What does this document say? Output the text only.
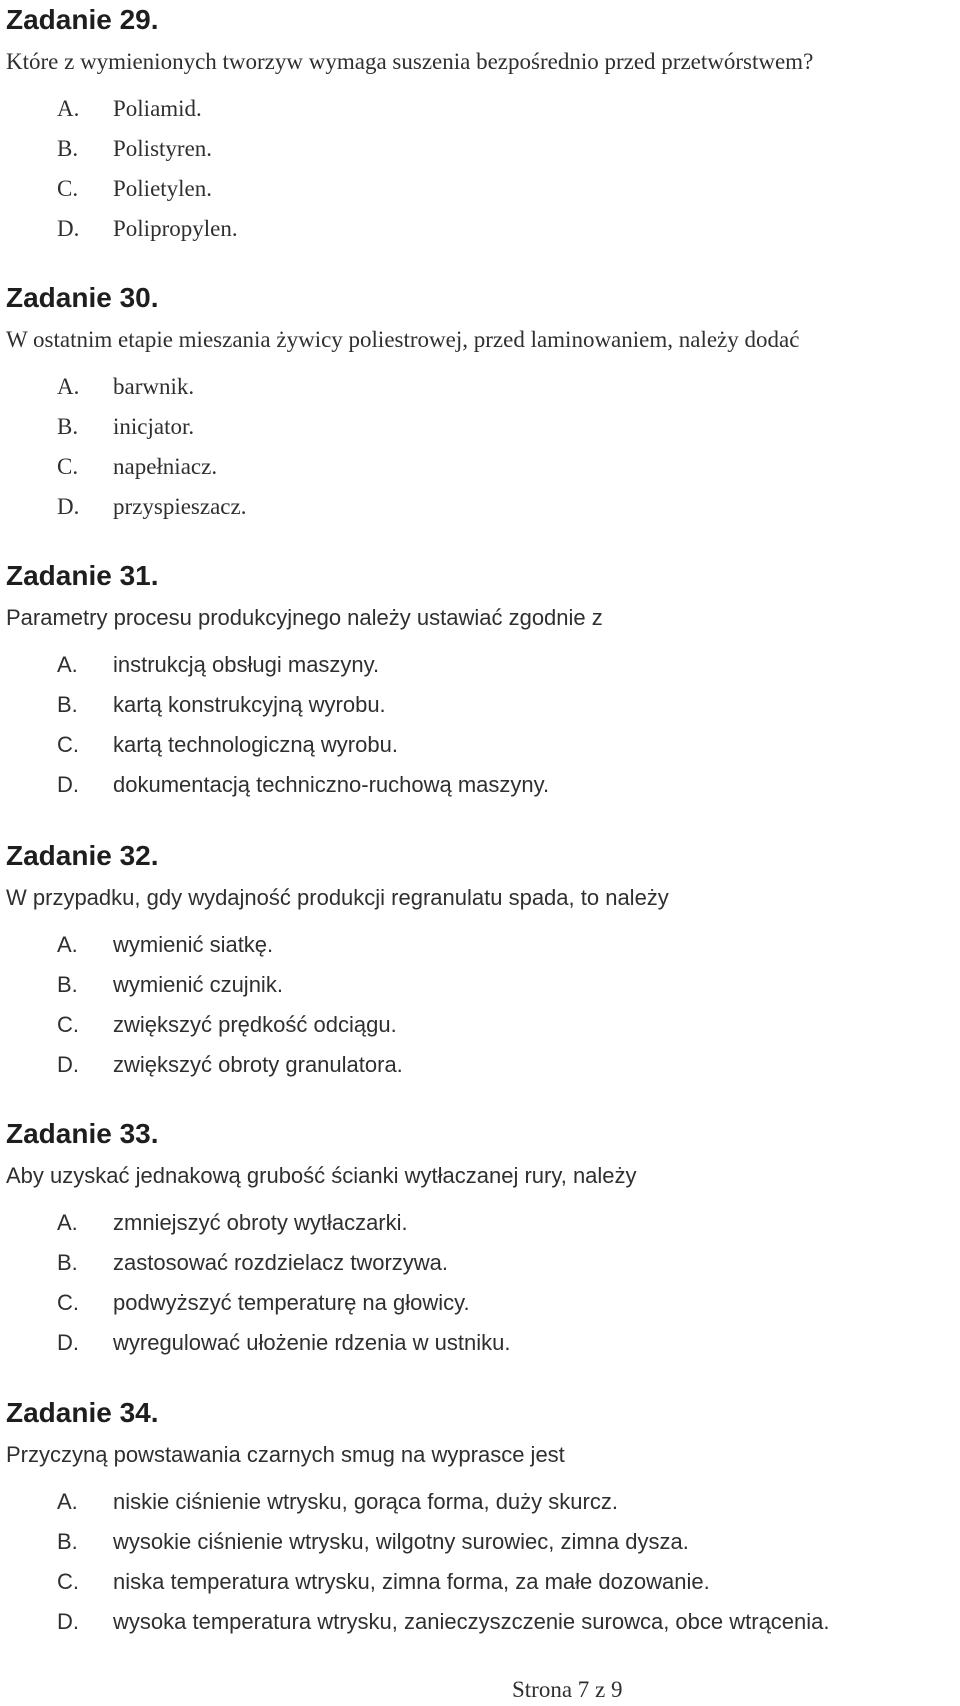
Zadanie 29.
Które z wymienionych tworzyw wymaga suszenia bezpośrednio przed przetwórstwem?
A. Poliamid.
B. Polistyren.
C. Polietylen.
D. Polipropylen.
Zadanie 30.
W ostatnim etapie mieszania żywicy poliestrowej, przed laminowaniem, należy dodać
A. barwnik.
B. inicjator.
C. napełniacz.
D. przyspieszacz.
Zadanie 31.
Parametry procesu produkcyjnego należy ustawiać zgodnie z
A. instrukcją obsługi maszyny.
B. kartą konstrukcyjną wyrobu.
C. kartą technologiczną wyrobu.
D. dokumentacją techniczno-ruchową maszyny.
Zadanie 32.
W przypadku, gdy wydajność produkcji regranulatu spada, to należy
A. wymienić siatkę.
B. wymienić czujnik.
C. zwiększyć prędkość odciągu.
D. zwiększyć obroty granulatora.
Zadanie 33.
Aby uzyskać jednakową grubość ścianki wytłaczanej rury, należy
A. zmniejszyć obroty wytłaczarki.
B. zastosować rozdzielacz tworzywa.
C. podwyższyć temperaturę na głowicy.
D. wyregulować ułożenie rdzenia w ustniku.
Zadanie 34.
Przyczyną powstawania czarnych smug na wyprasce jest
A. niskie ciśnienie wtrysku, gorąca forma, duży skurcz.
B. wysokie ciśnienie wtrysku, wilgotny surowiec, zimna dysza.
C. niska temperatura wtrysku, zimna forma, za małe dozowanie.
D. wysoka temperatura wtrysku, zanieczyszczenie surowca, obce wtrącenia.
Strona 7 z 9
